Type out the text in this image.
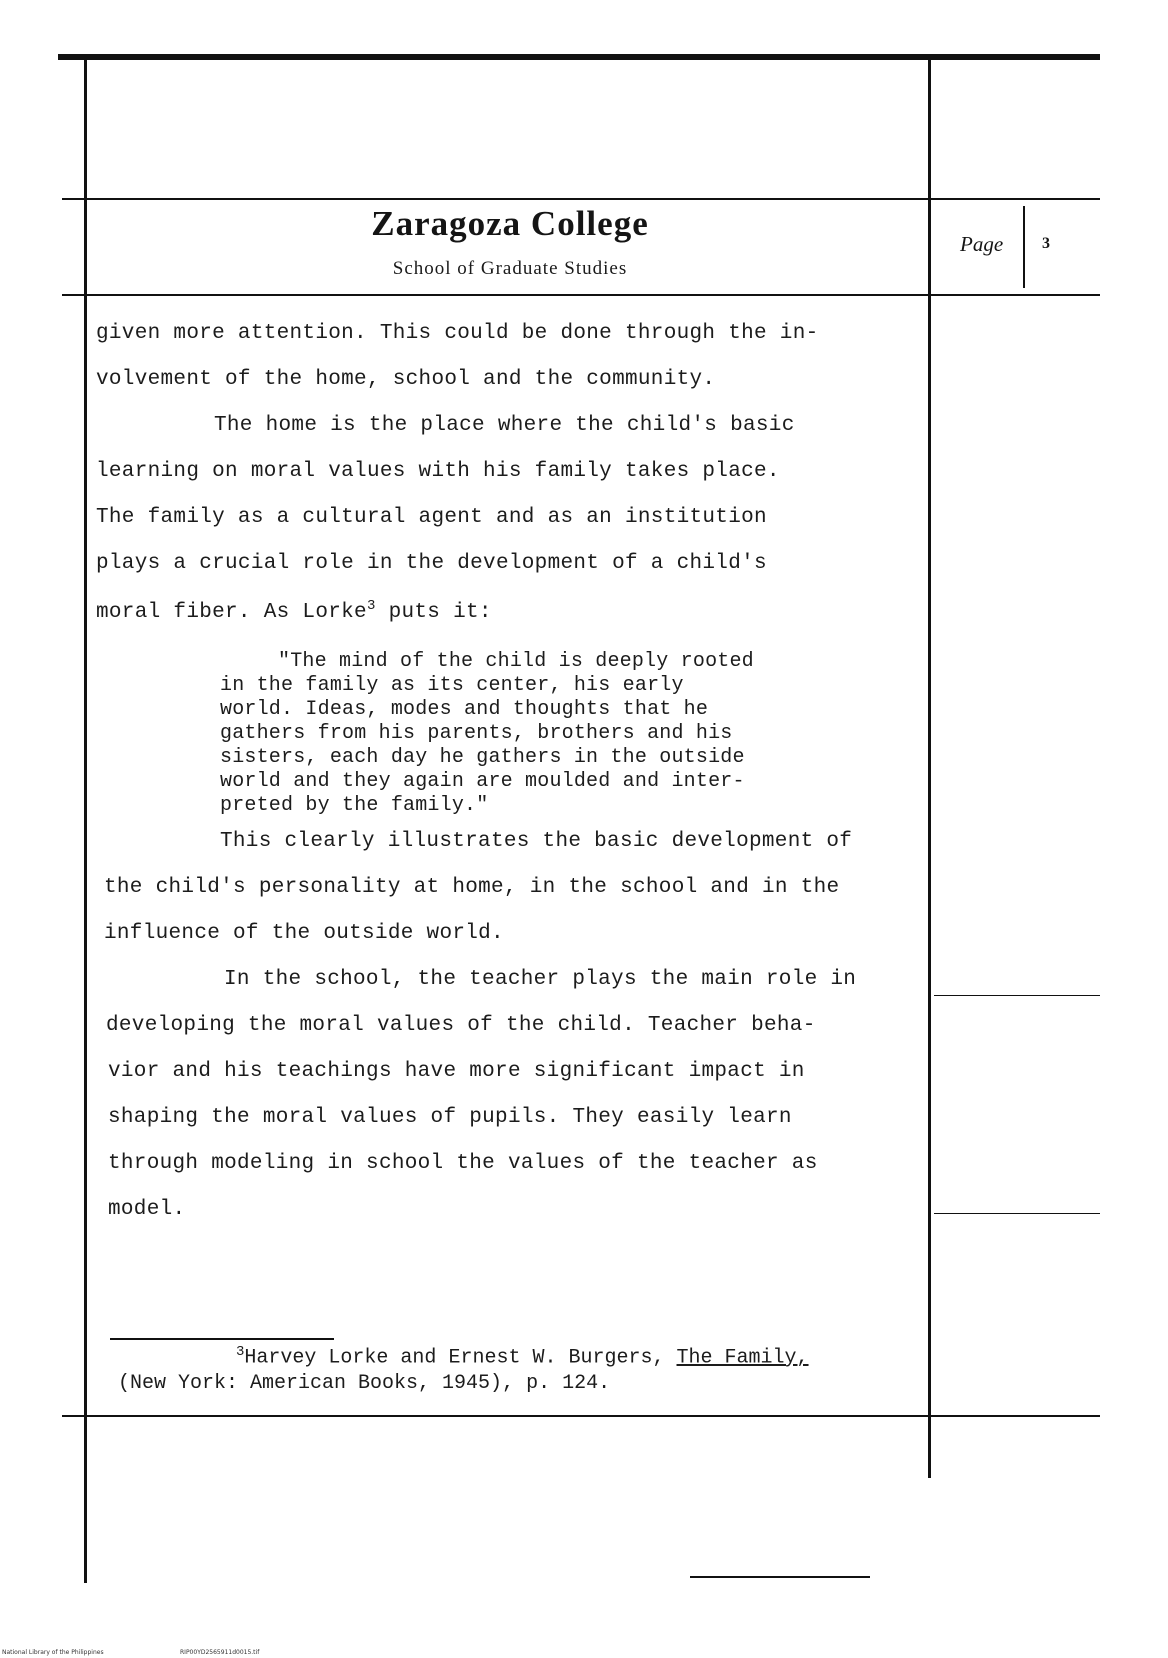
Zaragoza College
School of Graduate Studies
Page 3
given more attention. This could be done through the in-
volvement of the home, school and the community.
The home is the place where the child's basic
learning on moral values with his family takes place.
The family as a cultural agent and as an institution
plays a crucial role in the development of a child's
moral fiber. As Lorke$^3$ puts it:
"The mind of the child is deeply rooted
in the family as its center, his early
world. Ideas, modes and thoughts that he
gathers from his parents, brothers and his
sisters, each day he gathers in the outside
world and they again are moulded and inter-
preted by the family."
This clearly illustrates the basic development of
the child's personality at home, in the school and in the
influence of the outside world.
In the school, the teacher plays the main role in
developing the moral values of the child. Teacher beha-
vior and his teachings have more significant impact in
shaping the moral values of pupils. They easily learn
through modeling in school the values of the teacher as
model.
$^3$Harvey Lorke and Ernest W. Burgers, The Family,
(New York: American Books, 1945), p. 124.
National Library of the Philippines	RIP00YD2565911d0015.tif
